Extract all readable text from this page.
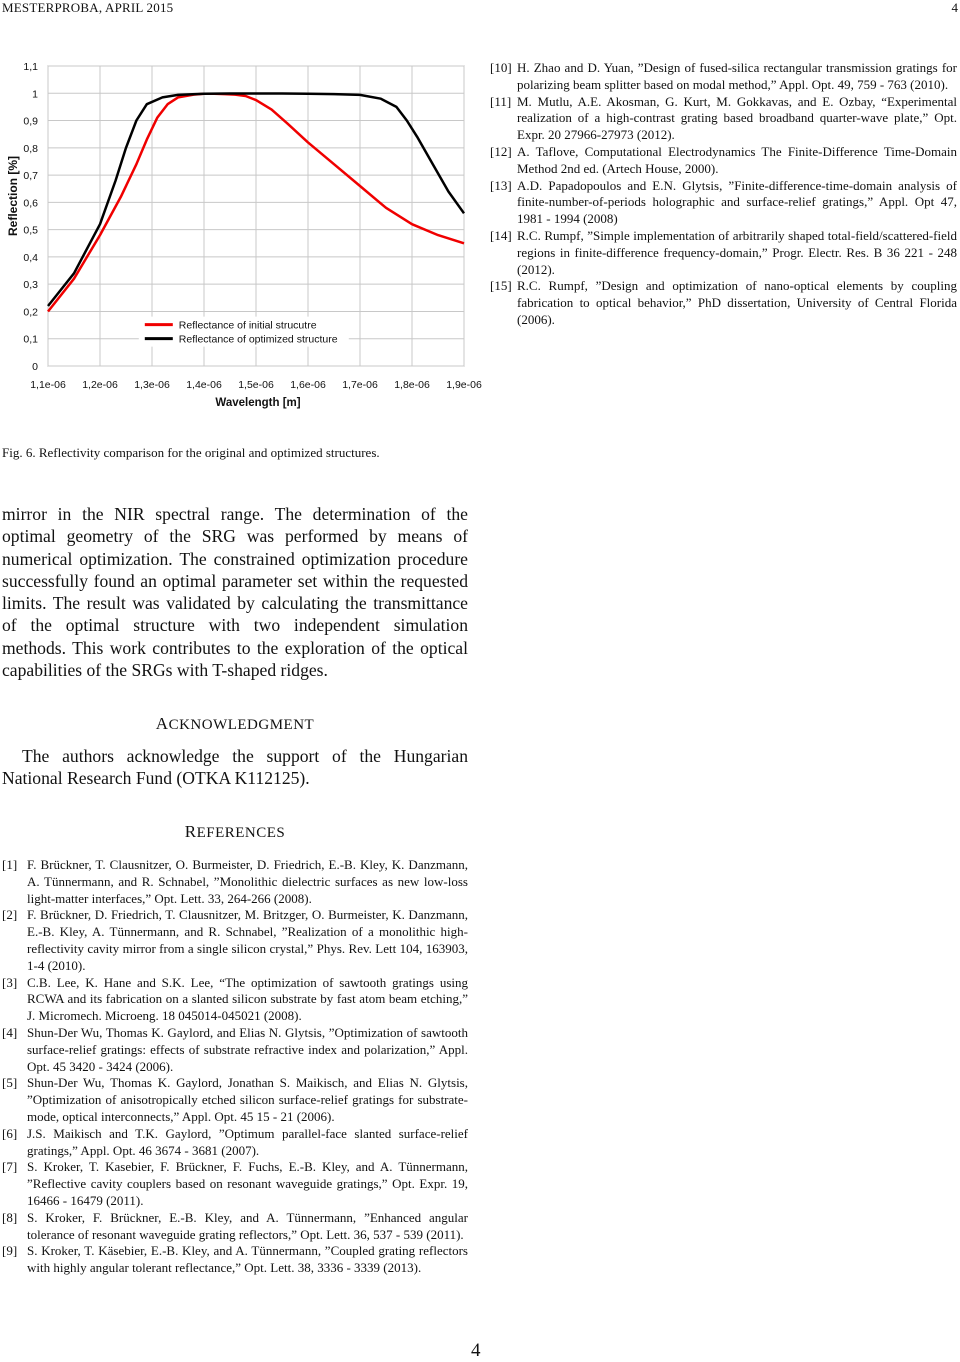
MESTERPROBA, APRIL 2015	4
1,1e-06 1,2e-06 1,3e-06 1,4e-06 1,5e-06 1,6e-06 1,7e-06 1,8e-06 1,9e-06
0
0,1
0,2
0,3
0,4
0,5
0,6
0,7
0,8
0,9
1
1,1
Wavelength [m]
Reflection [%]
Reflectance of initial strucutre
Reflectance of optimized structure
Fig. 6. Reflectivity comparison for the original and optimized structures.
mirror in the NIR spectral range. The determination of the optimal geometry of the SRG was performed by means of numerical optimization. The constrained optimization procedure successfully found an optimal parameter set within the requested limits. The result was validated by calculating the transmittance of the optimal structure with two independent simulation methods. This work contributes to the exploration of the optical capabilities of the SRGs with T-shaped ridges.
ACKNOWLEDGMENT

The authors acknowledge the support of the Hungarian National Research Fund (OTKA K112125).

REFERENCES
[1] F. Brückner, T. Clausnitzer, O. Burmeister, D. Friedrich, E.-B. Kley, K. Danzmann, A. Tünnermann, and R. Schnabel, ”Monolithic dielectric surfaces as new low-loss light-matter interfaces,” Opt. Lett. 33, 264-266 (2008).
[2] F. Brückner, D. Friedrich, T. Clausnitzer, M. Britzger, O. Burmeister, K. Danzmann, E.-B. Kley, A. Tünnermann, and R. Schnabel, ”Realization of a monolithic high-reflectivity cavity mirror from a single silicon crystal,” Phys. Rev. Lett 104, 163903, 1-4 (2010).
[3] C.B. Lee, K. Hane and S.K. Lee, “The optimization of sawtooth gratings using RCWA and its fabrication on a slanted silicon substrate by fast atom beam etching,” J. Micromech. Microeng. 18 045014-045021 (2008).
[4] Shun-Der Wu, Thomas K. Gaylord, and Elias N. Glytsis, ”Optimization of sawtooth surface-relief gratings: effects of substrate refractive index and polarization,” Appl. Opt. 45 3420 - 3424 (2006).
[5] Shun-Der Wu, Thomas K. Gaylord, Jonathan S. Maikisch, and Elias N. Glytsis, ”Optimization of anisotropically etched silicon surface-relief gratings for substrate-mode, optical interconnects,” Appl. Opt. 45 15 - 21 (2006).
[6] J.S. Maikisch and T.K. Gaylord, ”Optimum parallel-face slanted surface-relief gratings,” Appl. Opt. 46 3674 - 3681 (2007).
[7] S. Kroker, T. Kasebier, F. Brückner, F. Fuchs, E.-B. Kley, and A. Tünnermann, ”Reflective cavity couplers based on resonant waveguide gratings,” Opt. Expr. 19, 16466 - 16479 (2011).
[8] S. Kroker, F. Brückner, E.-B. Kley, and A. Tünnermann, ”Enhanced angular tolerance of resonant waveguide grating reflectors,” Opt. Lett. 36, 537 - 539 (2011).
[9] S. Kroker, T. Käsebier, E.-B. Kley, and A. Tünnermann, ”Coupled grating reflectors with highly angular tolerant reflectance,” Opt. Lett. 38, 3336 - 3339 (2013).
[10] H. Zhao and D. Yuan, ”Design of fused-silica rectangular transmission gratings for polarizing beam splitter based on modal method,” Appl. Opt. 49, 759 - 763 (2010).
[11] M. Mutlu, A.E. Akosman, G. Kurt, M. Gokkavas, and E. Ozbay, “Experimental realization of a high-contrast grating based broadband quarter-wave plate,” Opt. Expr. 20 27966-27973 (2012).
[12] A. Taflove, Computational Electrodynamics The Finite-Difference Time-Domain Method 2nd ed. (Artech House, 2000).
[13] A.D. Papadopoulos and E.N. Glytsis, ”Finite-difference-time-domain analysis of finite-number-of-periods holographic and surface-relief gratings,” Appl. Opt 47, 1981 - 1994 (2008)
[14] R.C. Rumpf, ”Simple implementation of arbitrarily shaped total-field/scattered-field regions in finite-difference frequency-domain,” Progr. Electr. Res. B 36 221 - 248 (2012).
[15] R.C. Rumpf, ”Design and optimization of nano-optical elements by coupling fabrication to optical behavior,” PhD dissertation, University of Central Florida (2006).
4
